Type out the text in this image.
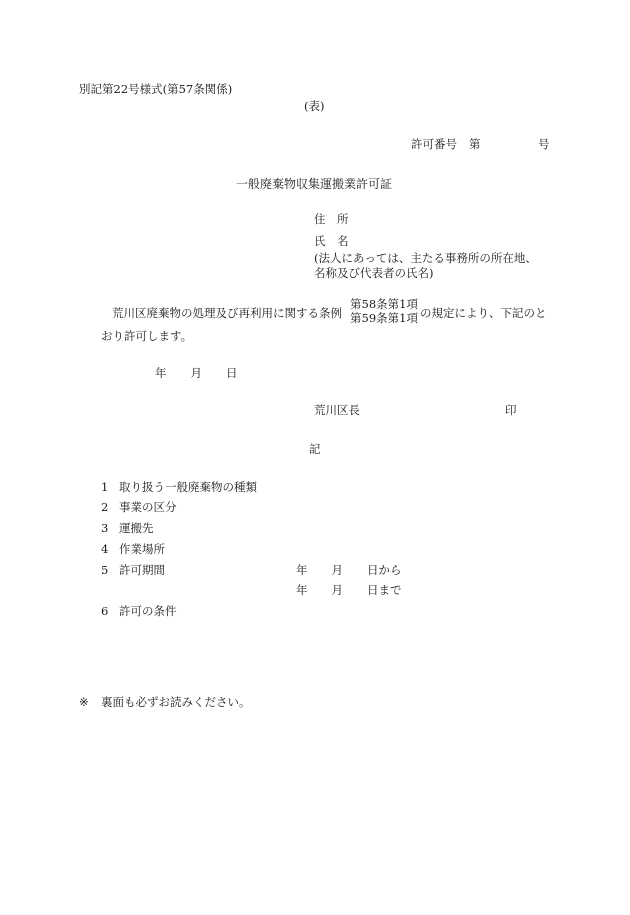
別記第22号様式(第57条関係)
(表)
許可番号 第	号
一般廃棄物収集運搬業許可証
住　所
氏　名
(法人にあっては、主たる事務所の所在地、
名称及び代表者の氏名)
荒川区廃棄物の処理及び再利用に関する条例
第58条第1項
第59条第1項 の規定により、下記のと
おり許可します。
年 月 日
荒川区長	印
記
1 取り扱う一般廃棄物の種類
2 事業の区分
3 運搬先
4 作業場所
5 許可期間
6 許可の条件
年 月 日から
年 月 日まで
※ 裏面も必ずお読みください。
